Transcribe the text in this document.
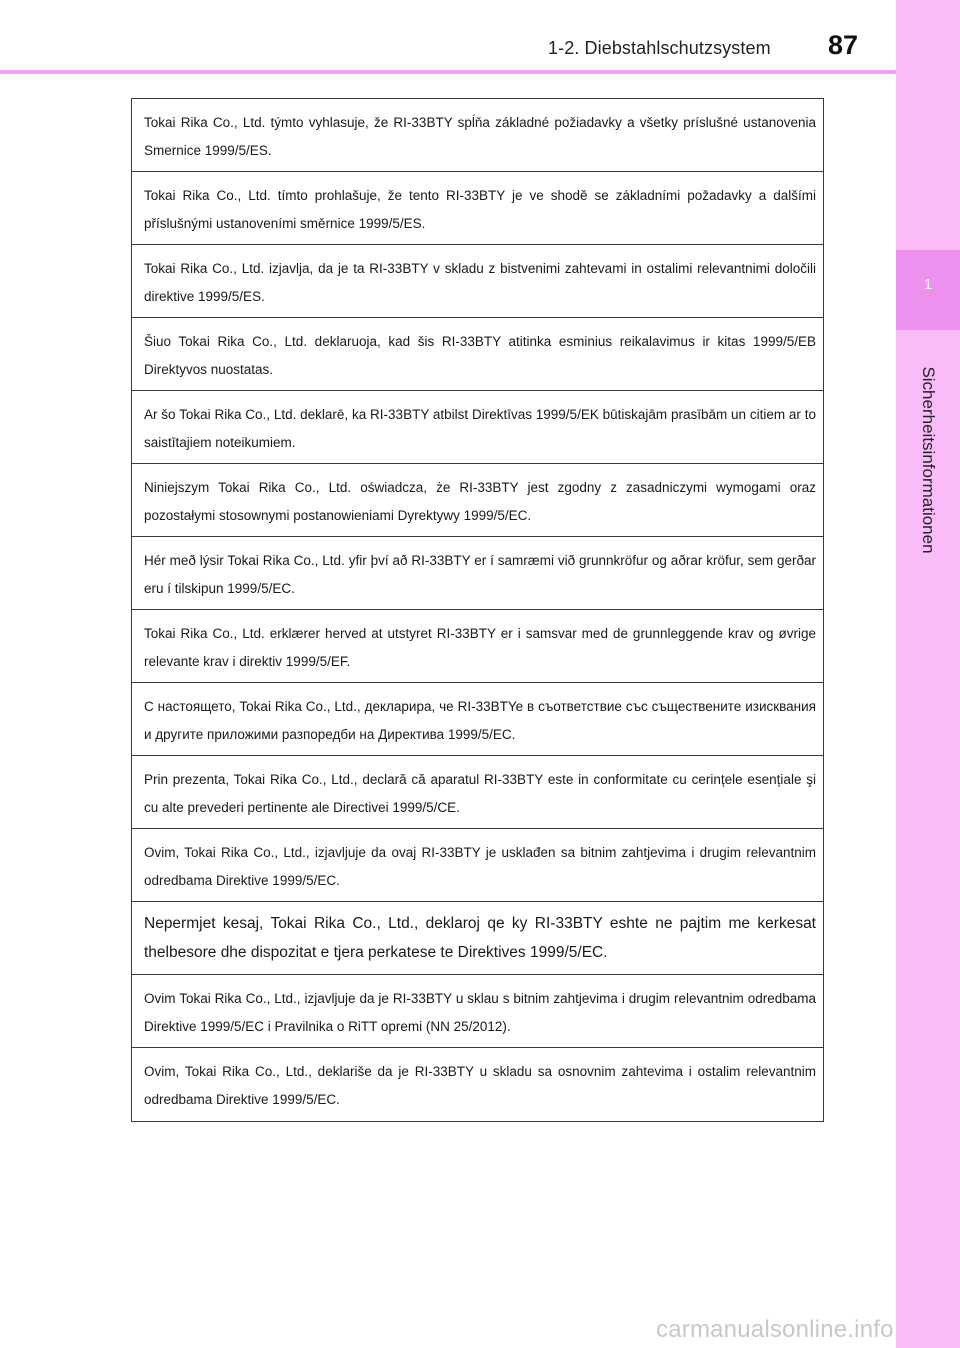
1-2. Diebstahlschutzsystem 87
1
Sicherheitsinformationen
Tokai Rika Co., Ltd. týmto vyhlasuje, že RI-33BTY spĺňa základné požiadavky a všetky príslušné ustanovenia Smernice 1999/5/ES.
Tokai Rika Co., Ltd. tímto prohlašuje, že tento RI-33BTY je ve shodě se základními požadavky a dalšími příslušnými ustanoveními směrnice 1999/5/ES.
Tokai Rika Co., Ltd. izjavlja, da je ta RI-33BTY v skladu z bistvenimi zahtevami in ostalimi relevantnimi določili direktive 1999/5/ES.
Šiuo Tokai Rika Co., Ltd. deklaruoja, kad šis RI-33BTY atitinka esminius reikalavimus ir kitas 1999/5/EB Direktyvos nuostatas.
Ar šo Tokai Rika Co., Ltd. deklarē, ka RI-33BTY atbilst Direktīvas 1999/5/EK būtiskajām prasībām un citiem ar to saistītajiem noteikumiem.
Niniejszym Tokai Rika Co., Ltd. oświadcza, że RI-33BTY jest zgodny z zasadniczymi wymogami oraz pozostałymi stosownymi postanowieniami Dyrektywy 1999/5/EC.
Hér með lýsir Tokai Rika Co., Ltd. yfir því að RI-33BTY er í samræmi við grunnkröfur og aðrar kröfur, sem gerðar eru í tilskipun 1999/5/EC.
Tokai Rika Co., Ltd. erklærer herved at utstyret RI-33BTY er i samsvar med de grunnleggende krav og øvrige relevante krav i direktiv 1999/5/EF.
С настоящето, Tokai Rika Co., Ltd., декларира, че RI-33BTYe в съответствие със съществените изисквания и другите приложими разпоредби на Директива 1999/5/ЕС.
Prin prezenta, Tokai Rika Co., Ltd., declară că aparatul RI-33BTY este in conformitate cu cerințele esențiale şi cu alte prevederi pertinente ale Directivei 1999/5/CE.
Ovim, Tokai Rika Co., Ltd., izjavljuje da ovaj RI-33BTY je usklađen sa bitnim zahtjevima i drugim relevantnim odredbama Direktive 1999/5/EC.
Nepermjet kesaj, Tokai Rika Co., Ltd., deklaroj qe ky RI-33BTY eshte ne pajtim me kerkesat thelbesore dhe dispozitat e tjera perkatese te Direktives 1999/5/EC.
Ovim Tokai Rika Co., Ltd., izjavljuje da je RI-33BTY u sklau s bitnim zahtjevima i drugim relevantnim odredbama Direktive 1999/5/EC i Pravilnika o RiTT opremi (NN 25/2012).
Ovim, Tokai Rika Co., Ltd., deklariše da je RI-33BTY u skladu sa osnovnim zahtevima i ostalim relevantnim odredbama Direktive 1999/5/EC.
carmanualsonline.info
